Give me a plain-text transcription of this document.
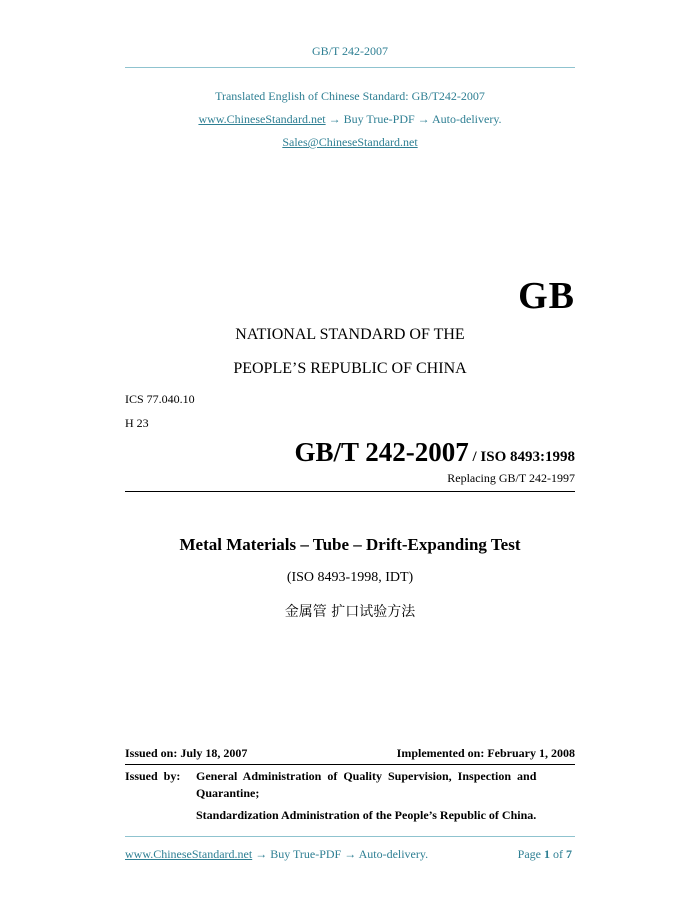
GB/T 242-2007
Translated English of Chinese Standard: GB/T242-2007
www.ChineseStandard.net → Buy True-PDF → Auto-delivery.
Sales@ChineseStandard.net
GB
NATIONAL STANDARD OF THE
PEOPLE’S REPUBLIC OF CHINA
ICS 77.040.10
H 23
GB/T 242-2007 / ISO 8493:1998
Replacing GB/T 242-1997
Metal Materials – Tube – Drift-Expanding Test
(ISO 8493-1998, IDT)
金属管 扩口试验方法
Issued on: July 18, 2007	Implemented on: February 1, 2008
Issued  by: General  Administration  of  Quality  Supervision,  Inspection  and
Quarantine;
Standardization Administration of the People’s Republic of China.
www.ChineseStandard.net → Buy True-PDF → Auto-delivery.	Page 1 of 7
